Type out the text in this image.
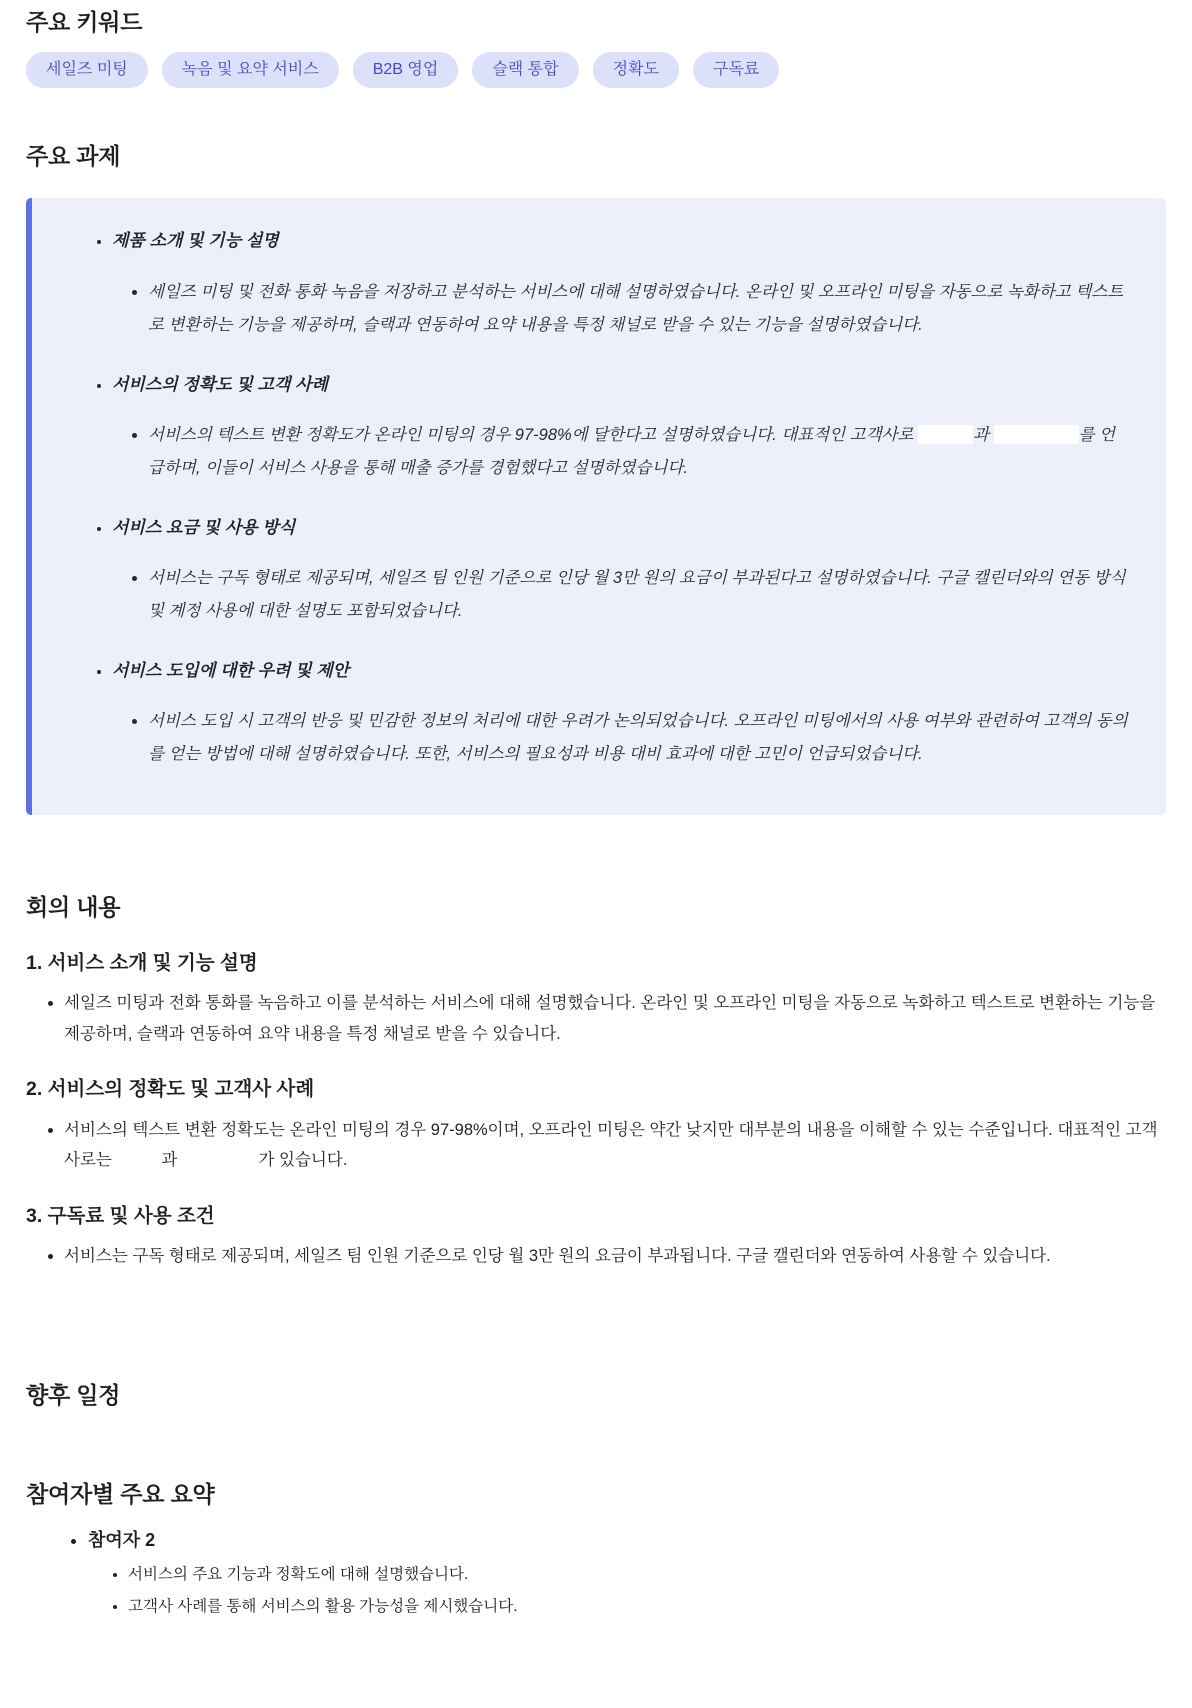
주요 키워드
세일즈 미팅	녹음 및 요약 서비스	B2B 영업	슬랙 통합	정확도	구독료
주요 과제
• 제품 소개 및 기능 설명
• 세일즈 미팅 및 전화 통화 녹음을 저장하고 분석하는 서비스에 대해 설명하였습니다. 온라인 및 오프라인 미팅을 자동으로 녹화하고 텍스트로 변환하는 기능을 제공하며, 슬랙과 연동하여 요약 내용을 특정 채널로 받을 수 있는 기능을 설명하였습니다.
• 서비스의 정확도 및 고객 사례
• 서비스의 텍스트 변환 정확도가 온라인 미팅의 경우 97-98%에 달한다고 설명하였습니다. 대표적인 고객사로	과	를 언급하며, 이들이 서비스 사용을 통해 매출 증가를 경험했다고 설명하였습니다.
• 서비스 요금 및 사용 방식
• 서비스는 구독 형태로 제공되며, 세일즈 팀 인원 기준으로 인당 월 3만 원의 요금이 부과된다고 설명하였습니다. 구글 캘린더와의 연동 방식 및 계정 사용에 대한 설명도 포함되었습니다.
• 서비스 도입에 대한 우려 및 제안
• 서비스 도입 시 고객의 반응 및 민감한 정보의 처리에 대한 우려가 논의되었습니다. 오프라인 미팅에서의 사용 여부와 관련하여 고객의 동의를 얻는 방법에 대해 설명하였습니다. 또한, 서비스의 필요성과 비용 대비 효과에 대한 고민이 언급되었습니다.
회의 내용
1. 서비스 소개 및 기능 설명
• 세일즈 미팅과 전화 통화를 녹음하고 이를 분석하는 서비스에 대해 설명했습니다. 온라인 및 오프라인 미팅을 자동으로 녹화하고 텍스트로 변환하는 기능을 제공하며, 슬랙과 연동하여 요약 내용을 특정 채널로 받을 수 있습니다.
2. 서비스의 정확도 및 고객사 사례
• 서비스의 텍스트 변환 정확도는 온라인 미팅의 경우 97-98%이며, 오프라인 미팅은 약간 낮지만 대부분의 내용을 이해할 수 있는 수준입니다. 대표적인 고객사로는	과	가 있습니다.
3. 구독료 및 사용 조건
• 서비스는 구독 형태로 제공되며, 세일즈 팀 인원 기준으로 인당 월 3만 원의 요금이 부과됩니다. 구글 캘린더와 연동하여 사용할 수 있습니다.
향후 일정
참여자별 주요 요약
• 참여자 2
• 서비스의 주요 기능과 정확도에 대해 설명했습니다.
• 고객사 사례를 통해 서비스의 활용 가능성을 제시했습니다.
